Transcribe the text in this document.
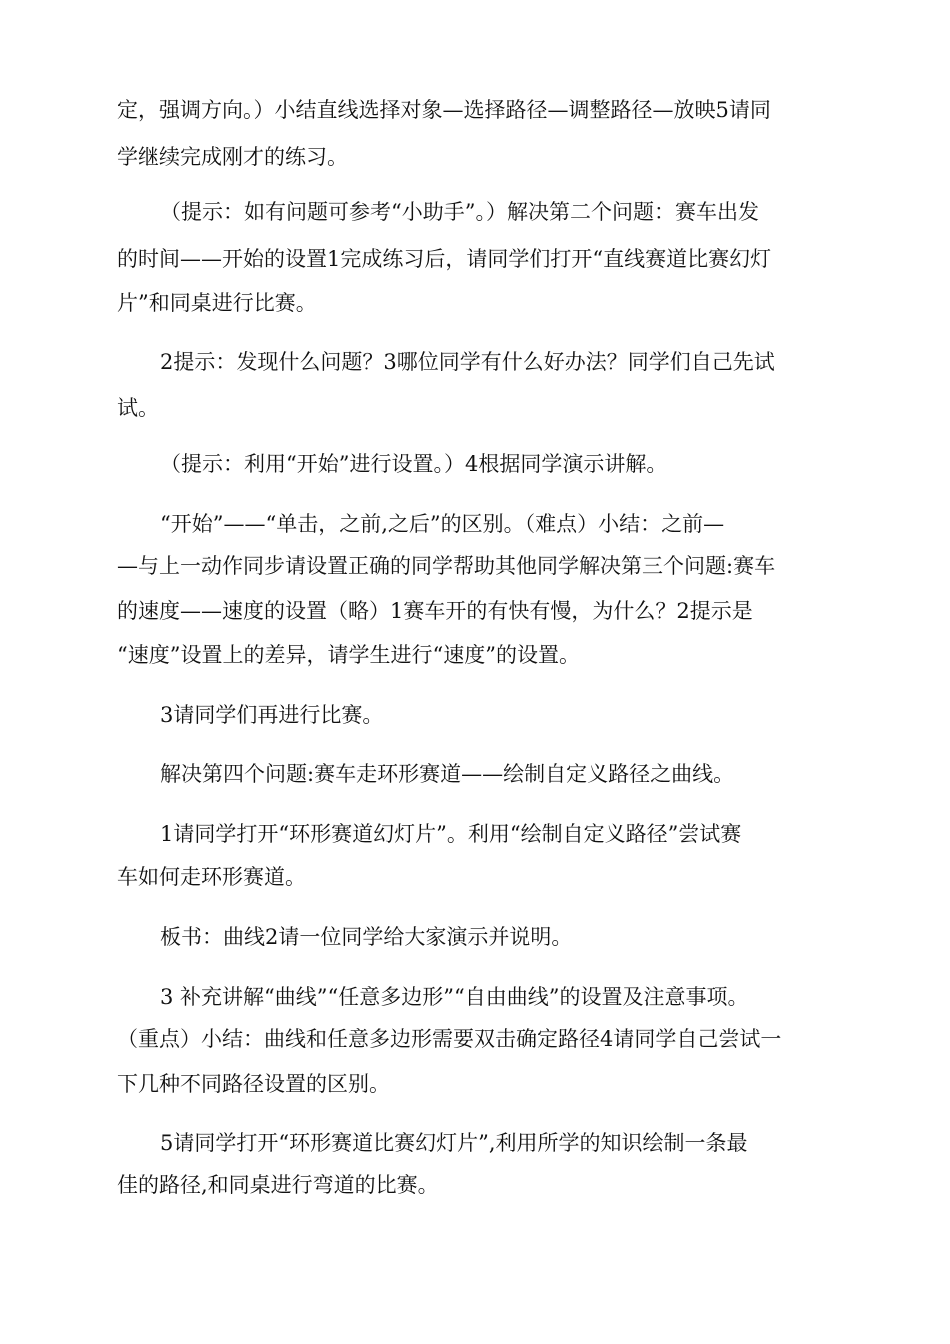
定，强调方向。）小结直线选择对象—选择路径—调整路径—放映5请同
学继续完成刚才的练习。
（提示：如有问题可参考“小助手”。）解决第二个问题：赛车出发
的时间——开始的设置1完成练习后，请同学们打开“直线赛道比赛幻灯
片”和同桌进行比赛。
2提示：发现什么问题？3哪位同学有什么好办法？同学们自己先试
试。
（提示：利用“开始”进行设置。）4根据同学演示讲解。
“开始”——“单击，之前,之后”的区别。（难点）小结：之前—
—与上一动作同步请设置正确的同学帮助其他同学解决第三个问题:赛车
的速度——速度的设置（略）1赛车开的有快有慢，为什么？2提示是
“速度”设置上的差异，请学生进行“速度”的设置。
3请同学们再进行比赛。
解决第四个问题:赛车走环形赛道——绘制自定义路径之曲线。
1请同学打开“环形赛道幻灯片”。利用“绘制自定义路径”尝试赛
车如何走环形赛道。
板书：曲线2请一位同学给大家演示并说明。
3 补充讲解“曲线”“任意多边形”“自由曲线”的设置及注意事项。
（重点）小结：曲线和任意多边形需要双击确定路径4请同学自己尝试一
下几种不同路径设置的区别。
5请同学打开“环形赛道比赛幻灯片”,利用所学的知识绘制一条最
佳的路径,和同桌进行弯道的比赛。
